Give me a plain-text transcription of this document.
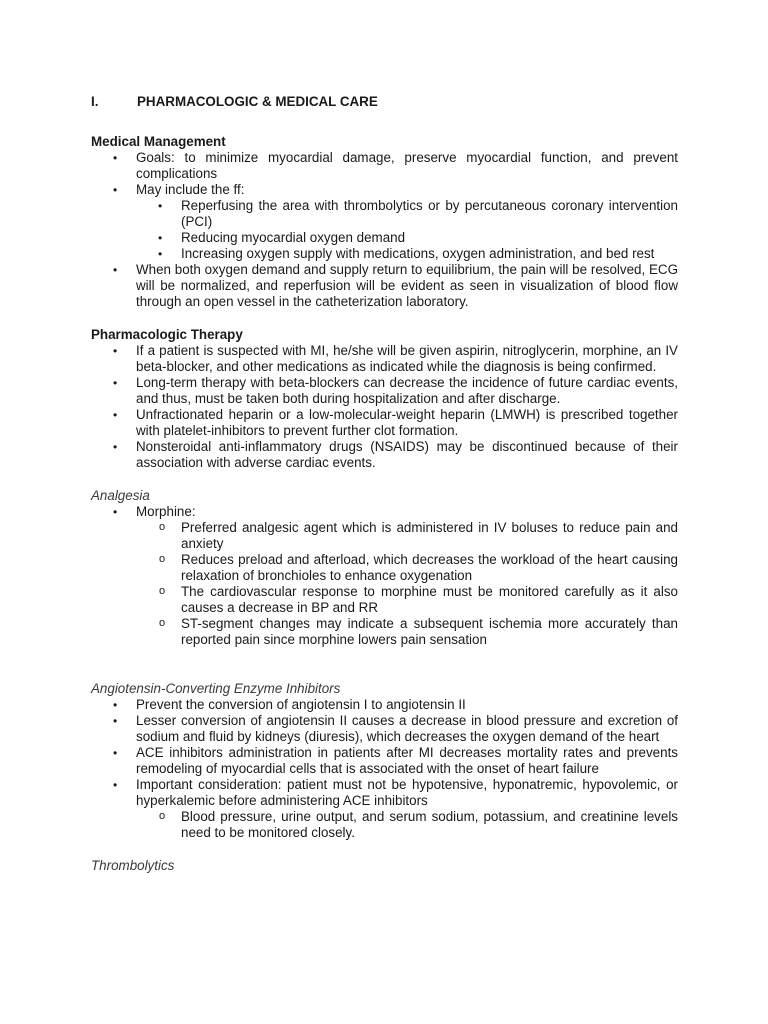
I.	PHARMACOLOGIC & MEDICAL CARE
Medical Management
• Goals: to minimize myocardial damage, preserve myocardial function, and prevent complications
• May include the ff:
• Reperfusing the area with thrombolytics or by percutaneous coronary intervention (PCI)
• Reducing myocardial oxygen demand
• Increasing oxygen supply with medications, oxygen administration, and bed rest
• When both oxygen demand and supply return to equilibrium, the pain will be resolved, ECG will be normalized, and reperfusion will be evident as seen in visualization of blood flow through an open vessel in the catheterization laboratory.
Pharmacologic Therapy
• If a patient is suspected with MI, he/she will be given aspirin, nitroglycerin, morphine, an IV beta-blocker, and other medications as indicated while the diagnosis is being confirmed.
• Long-term therapy with beta-blockers can decrease the incidence of future cardiac events, and thus, must be taken both during hospitalization and after discharge.
• Unfractionated heparin or a low-molecular-weight heparin (LMWH) is prescribed together with platelet-inhibitors to prevent further clot formation.
• Nonsteroidal anti-inflammatory drugs (NSAIDS) may be discontinued because of their association with adverse cardiac events.
Analgesia
• Morphine:
o Preferred analgesic agent which is administered in IV boluses to reduce pain and anxiety
o Reduces preload and afterload, which decreases the workload of the heart causing relaxation of bronchioles to enhance oxygenation
o The cardiovascular response to morphine must be monitored carefully as it also causes a decrease in BP and RR
o ST-segment changes may indicate a subsequent ischemia more accurately than reported pain since morphine lowers pain sensation
Angiotensin-Converting Enzyme Inhibitors
• Prevent the conversion of angiotensin I to angiotensin II
• Lesser conversion of angiotensin II causes a decrease in blood pressure and excretion of sodium and fluid by kidneys (diuresis), which decreases the oxygen demand of the heart
• ACE inhibitors administration in patients after MI decreases mortality rates and prevents remodeling of myocardial cells that is associated with the onset of heart failure
• Important consideration: patient must not be hypotensive, hyponatremic, hypovolemic, or hyperkalemic before administering ACE inhibitors
o Blood pressure, urine output, and serum sodium, potassium, and creatinine levels need to be monitored closely.
Thrombolytics
